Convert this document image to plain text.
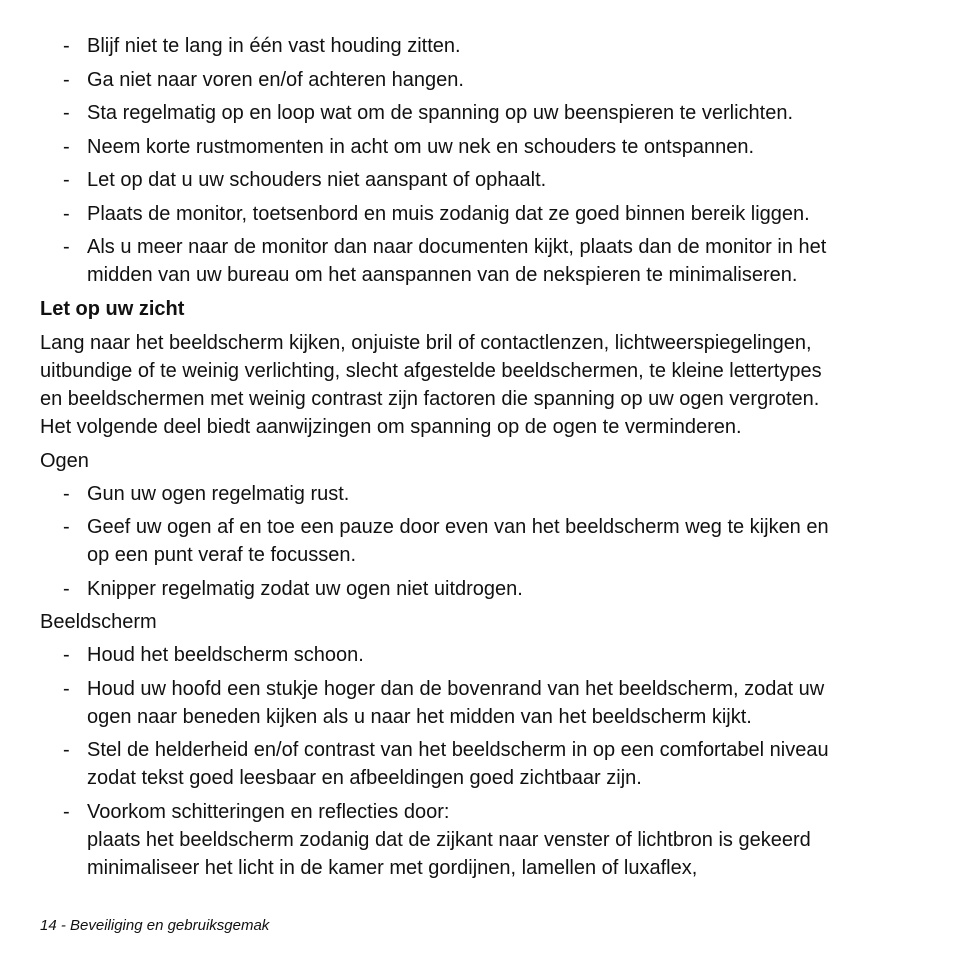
- Blijf niet te lang in één vast houding zitten.
- Ga niet naar voren en/of achteren hangen.
- Sta regelmatig op en loop wat om de spanning op uw beenspieren te verlichten.
- Neem korte rustmomenten in acht om uw nek en schouders te ontspannen.
- Let op dat u uw schouders niet aanspant of ophaalt.
- Plaats de monitor, toetsenbord en muis zodanig dat ze goed binnen bereik liggen.
- Als u meer naar de monitor dan naar documenten kijkt, plaats dan de monitor in het
midden van uw bureau om het aanspannen van de nekspieren te minimaliseren.
Let op uw zicht
Lang naar het beeldscherm kijken, onjuiste bril of contactlenzen, lichtweerspiegelingen,
uitbundige of te weinig verlichting, slecht afgestelde beeldschermen, te kleine lettertypes
en beeldschermen met weinig contrast zijn factoren die spanning op uw ogen vergroten.
Het volgende deel biedt aanwijzingen om spanning op de ogen te verminderen.
Ogen
- Gun uw ogen regelmatig rust.
- Geef uw ogen af en toe een pauze door even van het beeldscherm weg te kijken en
op een punt veraf te focussen.
- Knipper regelmatig zodat uw ogen niet uitdrogen.
Beeldscherm
- Houd het beeldscherm schoon.
- Houd uw hoofd een stukje hoger dan de bovenrand van het beeldscherm, zodat uw
ogen naar beneden kijken als u naar het midden van het beeldscherm kijkt.
- Stel de helderheid en/of contrast van het beeldscherm in op een comfortabel niveau
zodat tekst goed leesbaar en afbeeldingen goed zichtbaar zijn.
- Voorkom schitteringen en reflecties door:
plaats het beeldscherm zodanig dat de zijkant naar venster of lichtbron is gekeerd
minimaliseer het licht in de kamer met gordijnen, lamellen of luxaflex,
14 - Beveiliging en gebruiksgemak
